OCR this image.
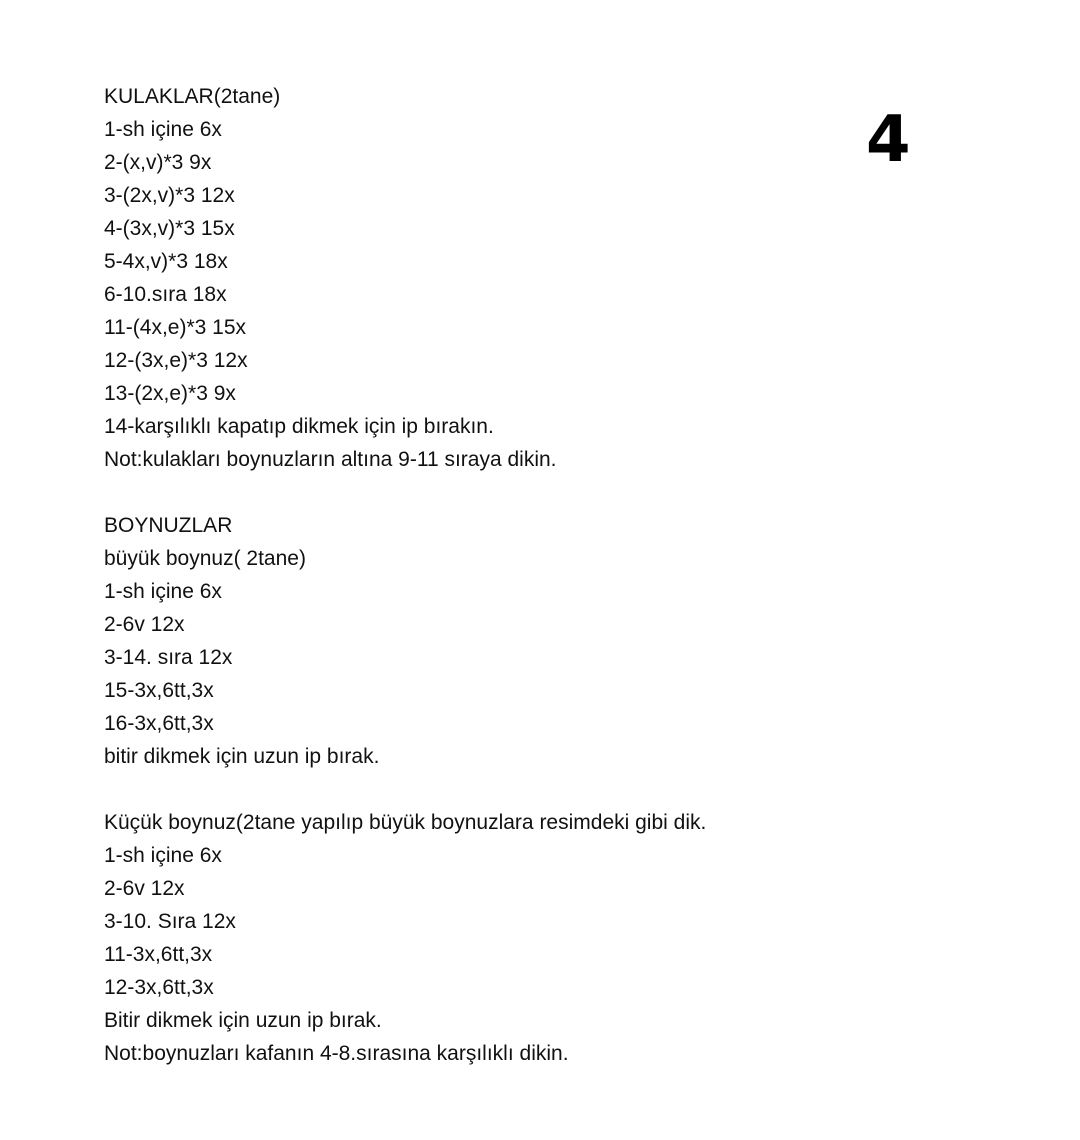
4
KULAKLAR(2tane)
1-sh içine 6x
2-(x,v)*3 9x
3-(2x,v)*3 12x
4-(3x,v)*3 15x
5-4x,v)*3 18x
6-10.sıra 18x
11-(4x,e)*3 15x
12-(3x,e)*3 12x
13-(2x,e)*3 9x
14-karşılıklı kapatıp dikmek için ip bırakın.
Not:kulakları boynuzların altına 9-11 sıraya dikin.
BOYNUZLAR
büyük boynuz( 2tane)
1-sh içine 6x
2-6v 12x
3-14. sıra 12x
15-3x,6tt,3x
16-3x,6tt,3x
bitir dikmek için uzun ip bırak.
Küçük boynuz(2tane yapılıp büyük boynuzlara resimdeki gibi dik.
1-sh içine 6x
2-6v 12x
3-10. Sıra 12x
11-3x,6tt,3x
12-3x,6tt,3x
Bitir dikmek için uzun ip bırak.
Not:boynuzları kafanın 4-8.sırasına karşılıklı dikin.
